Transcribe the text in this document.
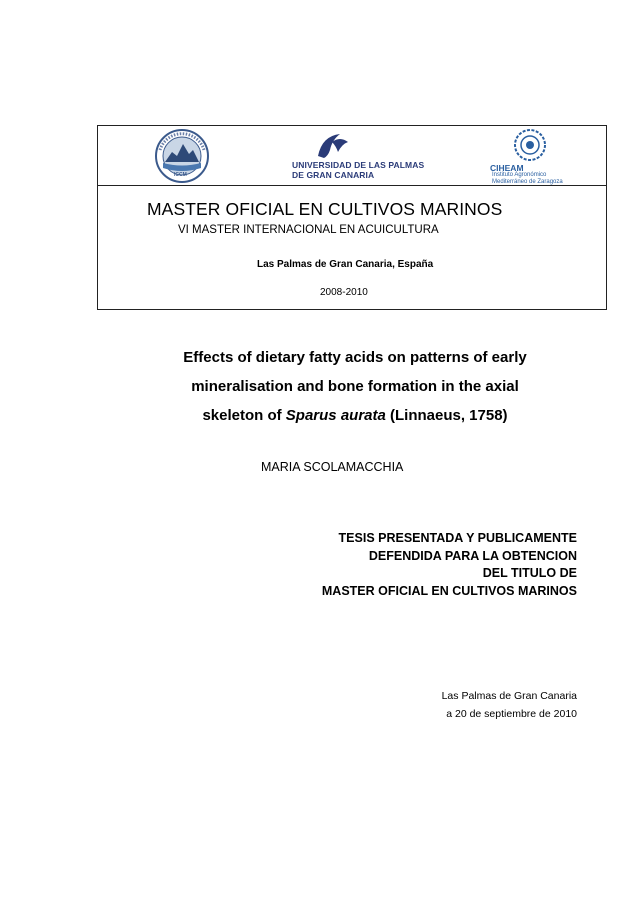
ICCM
UNIVERSIDAD DE LAS PALMAS
DE GRAN CANARIA
CIHEAM
Instituto Agronómico
Mediterráneo de Zaragoza
MASTER OFICIAL EN CULTIVOS MARINOS
VI MASTER INTERNACIONAL EN ACUICULTURA
Las Palmas de Gran Canaria, España
2008-2010
Effects of dietary fatty acids on patterns of early
mineralisation and bone formation in the axial
skeleton of Sparus aurata (Linnaeus, 1758)
MARIA SCOLAMACCHIA
TESIS PRESENTADA Y PUBLICAMENTE
DEFENDIDA PARA LA OBTENCION
DEL TITULO DE
MASTER OFICIAL EN CULTIVOS MARINOS
Las Palmas de Gran Canaria
a 20 de septiembre de 2010
